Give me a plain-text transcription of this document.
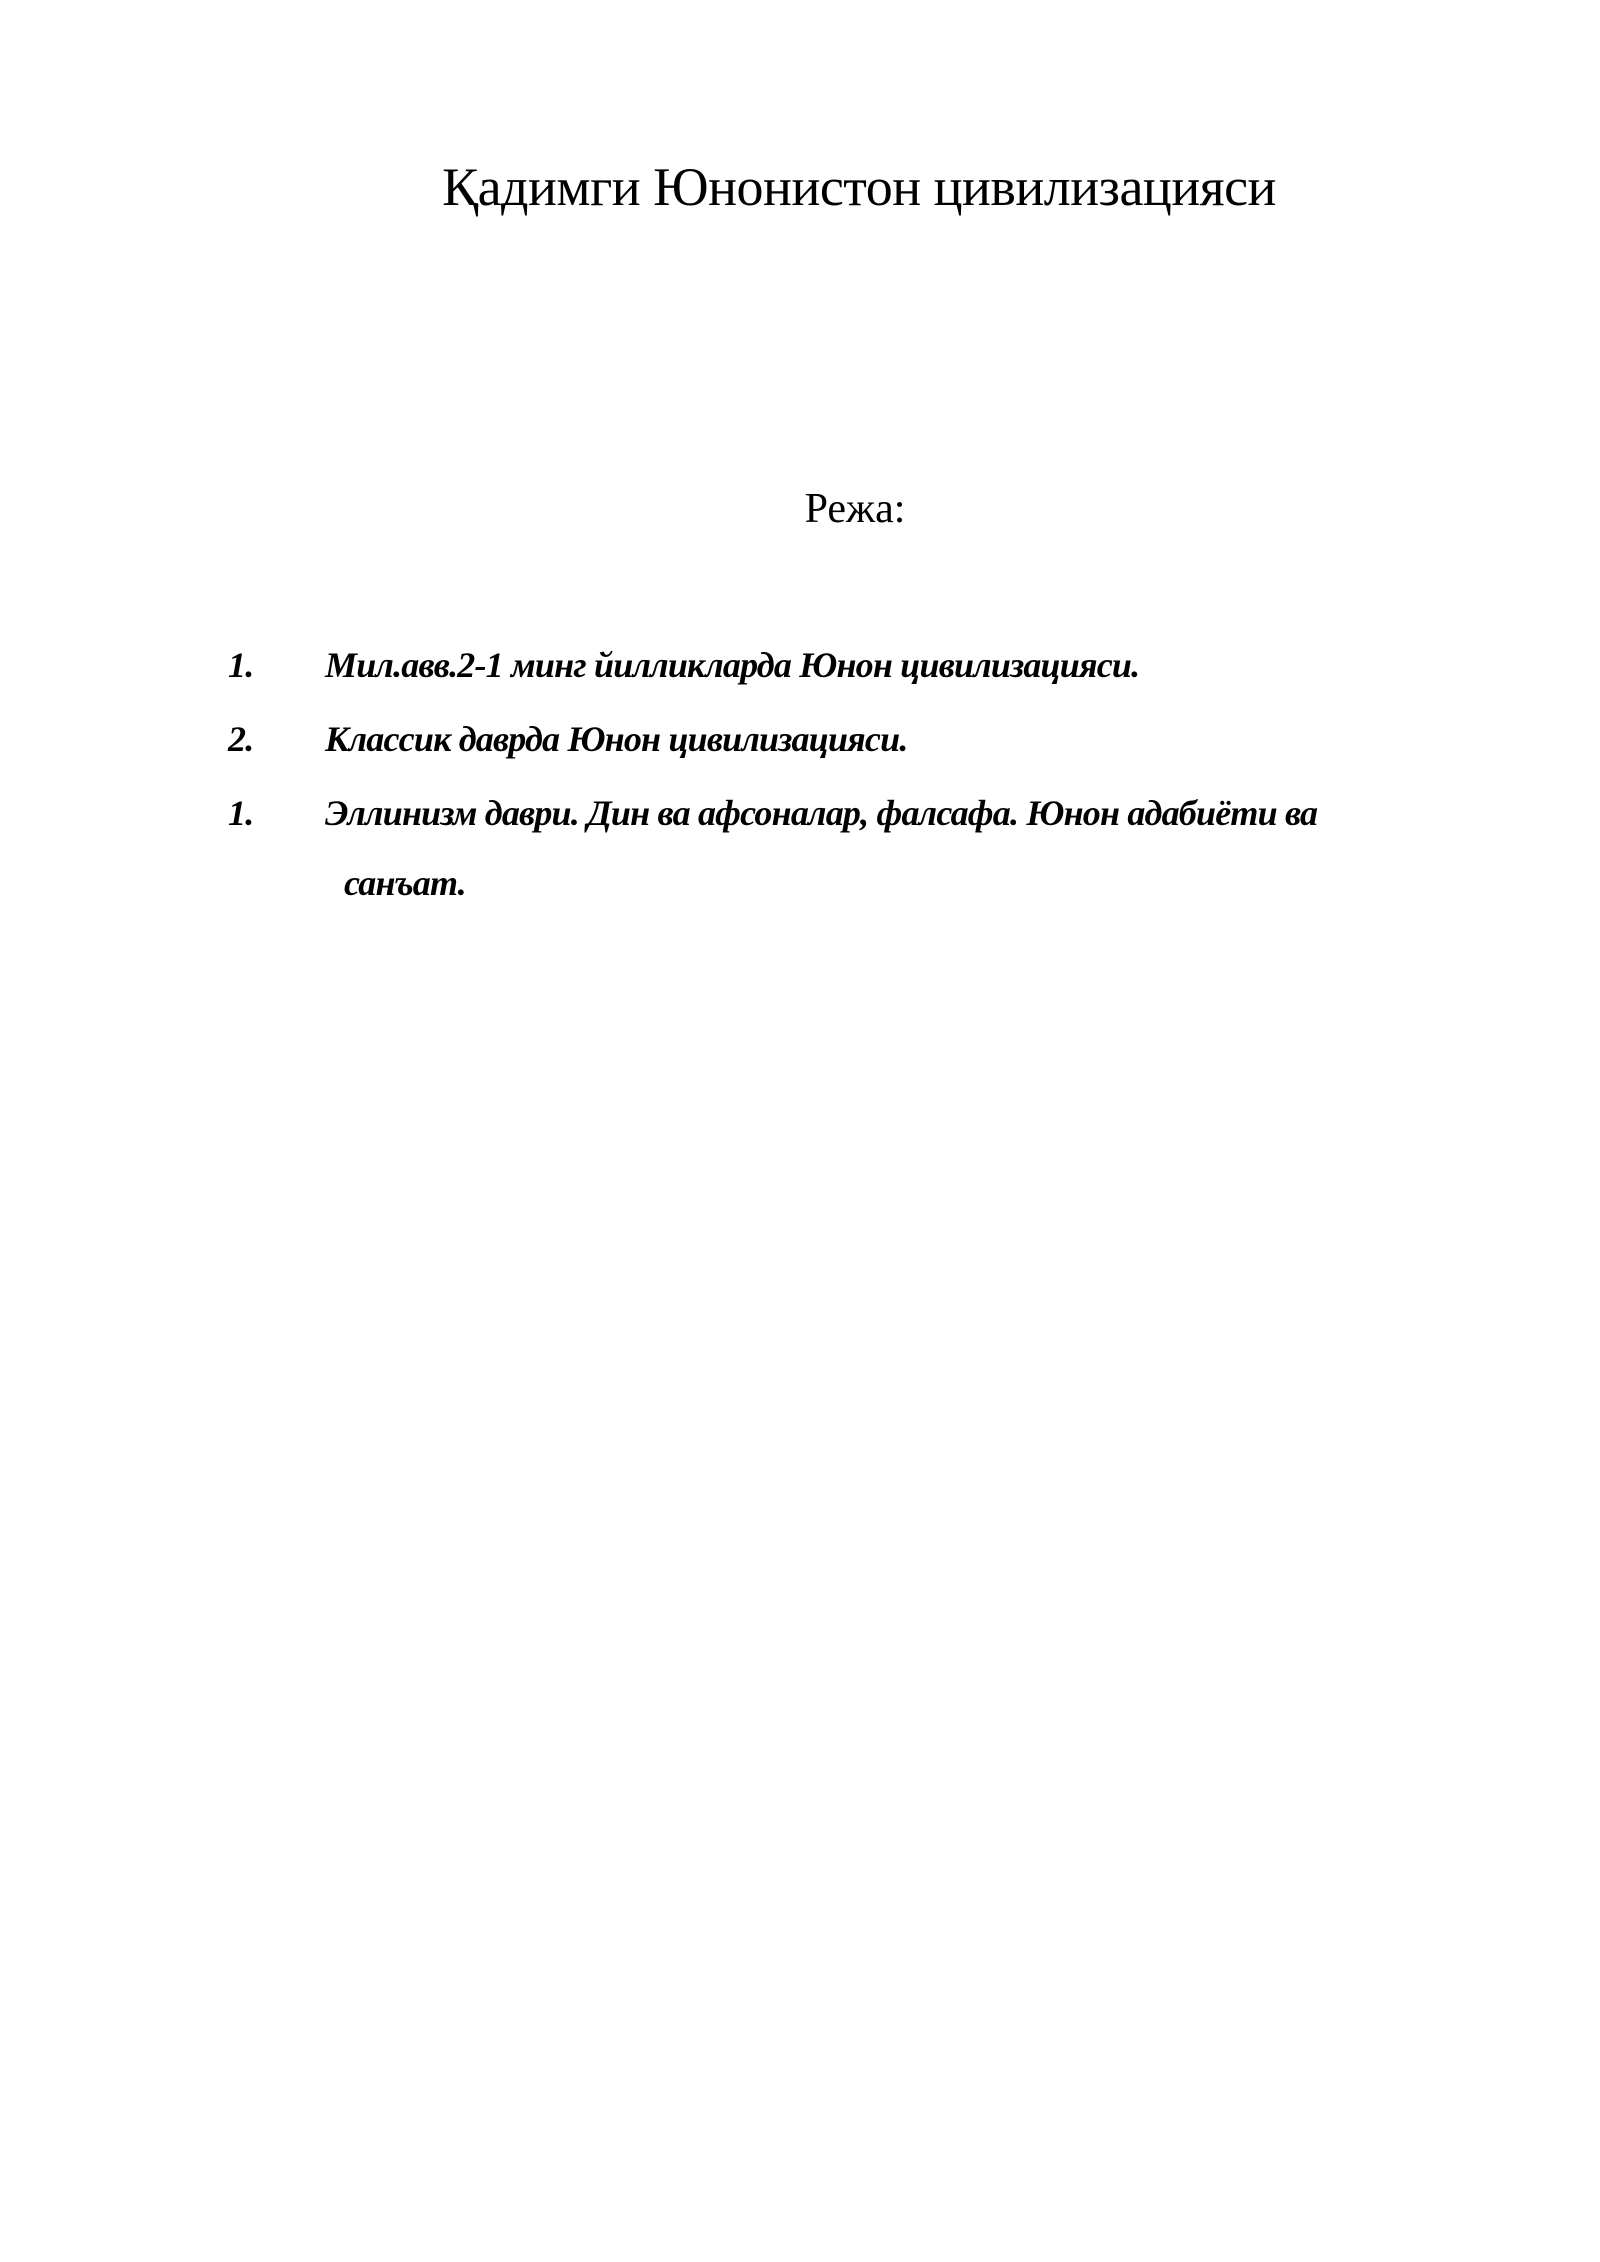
Қадимги Юнонистон цивилизацияси
Режа:
1. Мил.авв.2-1 минг йилликларда Юнон цивилизацияси.
2. Классик даврда Юнон цивилизацияси.
1. Эллинизм даври. Дин ва афсоналар, фалсафа. Юнон адабиёти ва
санъат.
